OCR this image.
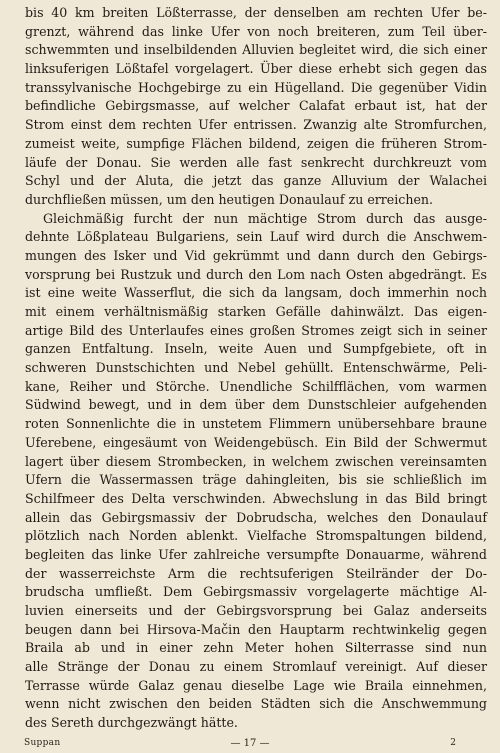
bis 40 km breiten Lößterrasse, der denselben am rechten Ufer be-
grenzt, während das linke Ufer von noch breiteren, zum Teil über-
schwemmten und inselbildenden Alluvien begleitet wird, die sich einer
linksuferigen Lößtafel vorgelagert. Über diese erhebt sich gegen das
transsylvanische Hochgebirge zu ein Hügelland. Die gegenüber Vidin
befindliche Gebirgsmasse, auf welcher Calafat erbaut ist, hat der
Strom einst dem rechten Ufer entrissen. Zwanzig alte Stromfurchen,
zumeist weite, sumpfige Flächen bildend, zeigen die früheren Strom-
läufe der Donau. Sie werden alle fast senkrecht durchkreuzt vom
Schyl und der Aluta, die jetzt das ganze Alluvium der Walachei
durchfließen müssen, um den heutigen Donaulauf zu erreichen.
Gleichmäßig furcht der nun mächtige Strom durch das ausge-
dehnte Lößplateau Bulgariens, sein Lauf wird durch die Anschwem-
mungen des Isker und Vid gekrümmt und dann durch den Gebirgs-
vorsprung bei Rustzuk und durch den Lom nach Osten abgedrängt. Es
ist eine weite Wasserflut, die sich da langsam, doch immerhin noch
mit einem verhältnismäßig starken Gefälle dahinwälzt. Das eigen-
artige Bild des Unterlaufes eines großen Stromes zeigt sich in seiner
ganzen Entfaltung. Inseln, weite Auen und Sumpfgebiete, oft in
schweren Dunstschichten und Nebel gehüllt. Entenschwärme, Peli-
kane, Reiher und Störche. Unendliche Schilfflächen, vom warmen
Südwind bewegt, und in dem über dem Dunstschleier aufgehenden
roten Sonnenlichte die in unstetem Flimmern unübersehbare braune
Uferebene, eingesäumt von Weidengebüsch. Ein Bild der Schwermut
lagert über diesem Strombecken, in welchem zwischen vereinsamten
Ufern die Wassermassen träge dahingleiten, bis sie schließlich im
Schilfmeer des Delta verschwinden. Abwechslung in das Bild bringt
allein das Gebirgsmassiv der Dobrudscha, welches den Donaulauf
plötzlich nach Norden ablenkt. Vielfache Stromspaltungen bildend,
begleiten das linke Ufer zahlreiche versumpfte Donauarme, während
der wasserreichste Arm die rechtsuferigen Steilränder der Do-
brudscha umfließt. Dem Gebirgsmassiv vorgelagerte mächtige Al-
luvien einerseits und der Gebirgsvorsprung bei Galaz anderseits
beugen dann bei Hirsova-Mačin den Hauptarm rechtwinkelig gegen
Braila ab und in einer zehn Meter hohen Silterrasse sind nun
alle Stränge der Donau zu einem Stromlauf vereinigt. Auf dieser
Terrasse würde Galaz genau dieselbe Lage wie Braila einnehmen,
wenn nicht zwischen den beiden Städten sich die Anschwemmung
des Sereth durchgezwängt hätte.
Suppan	— 17 —	2
